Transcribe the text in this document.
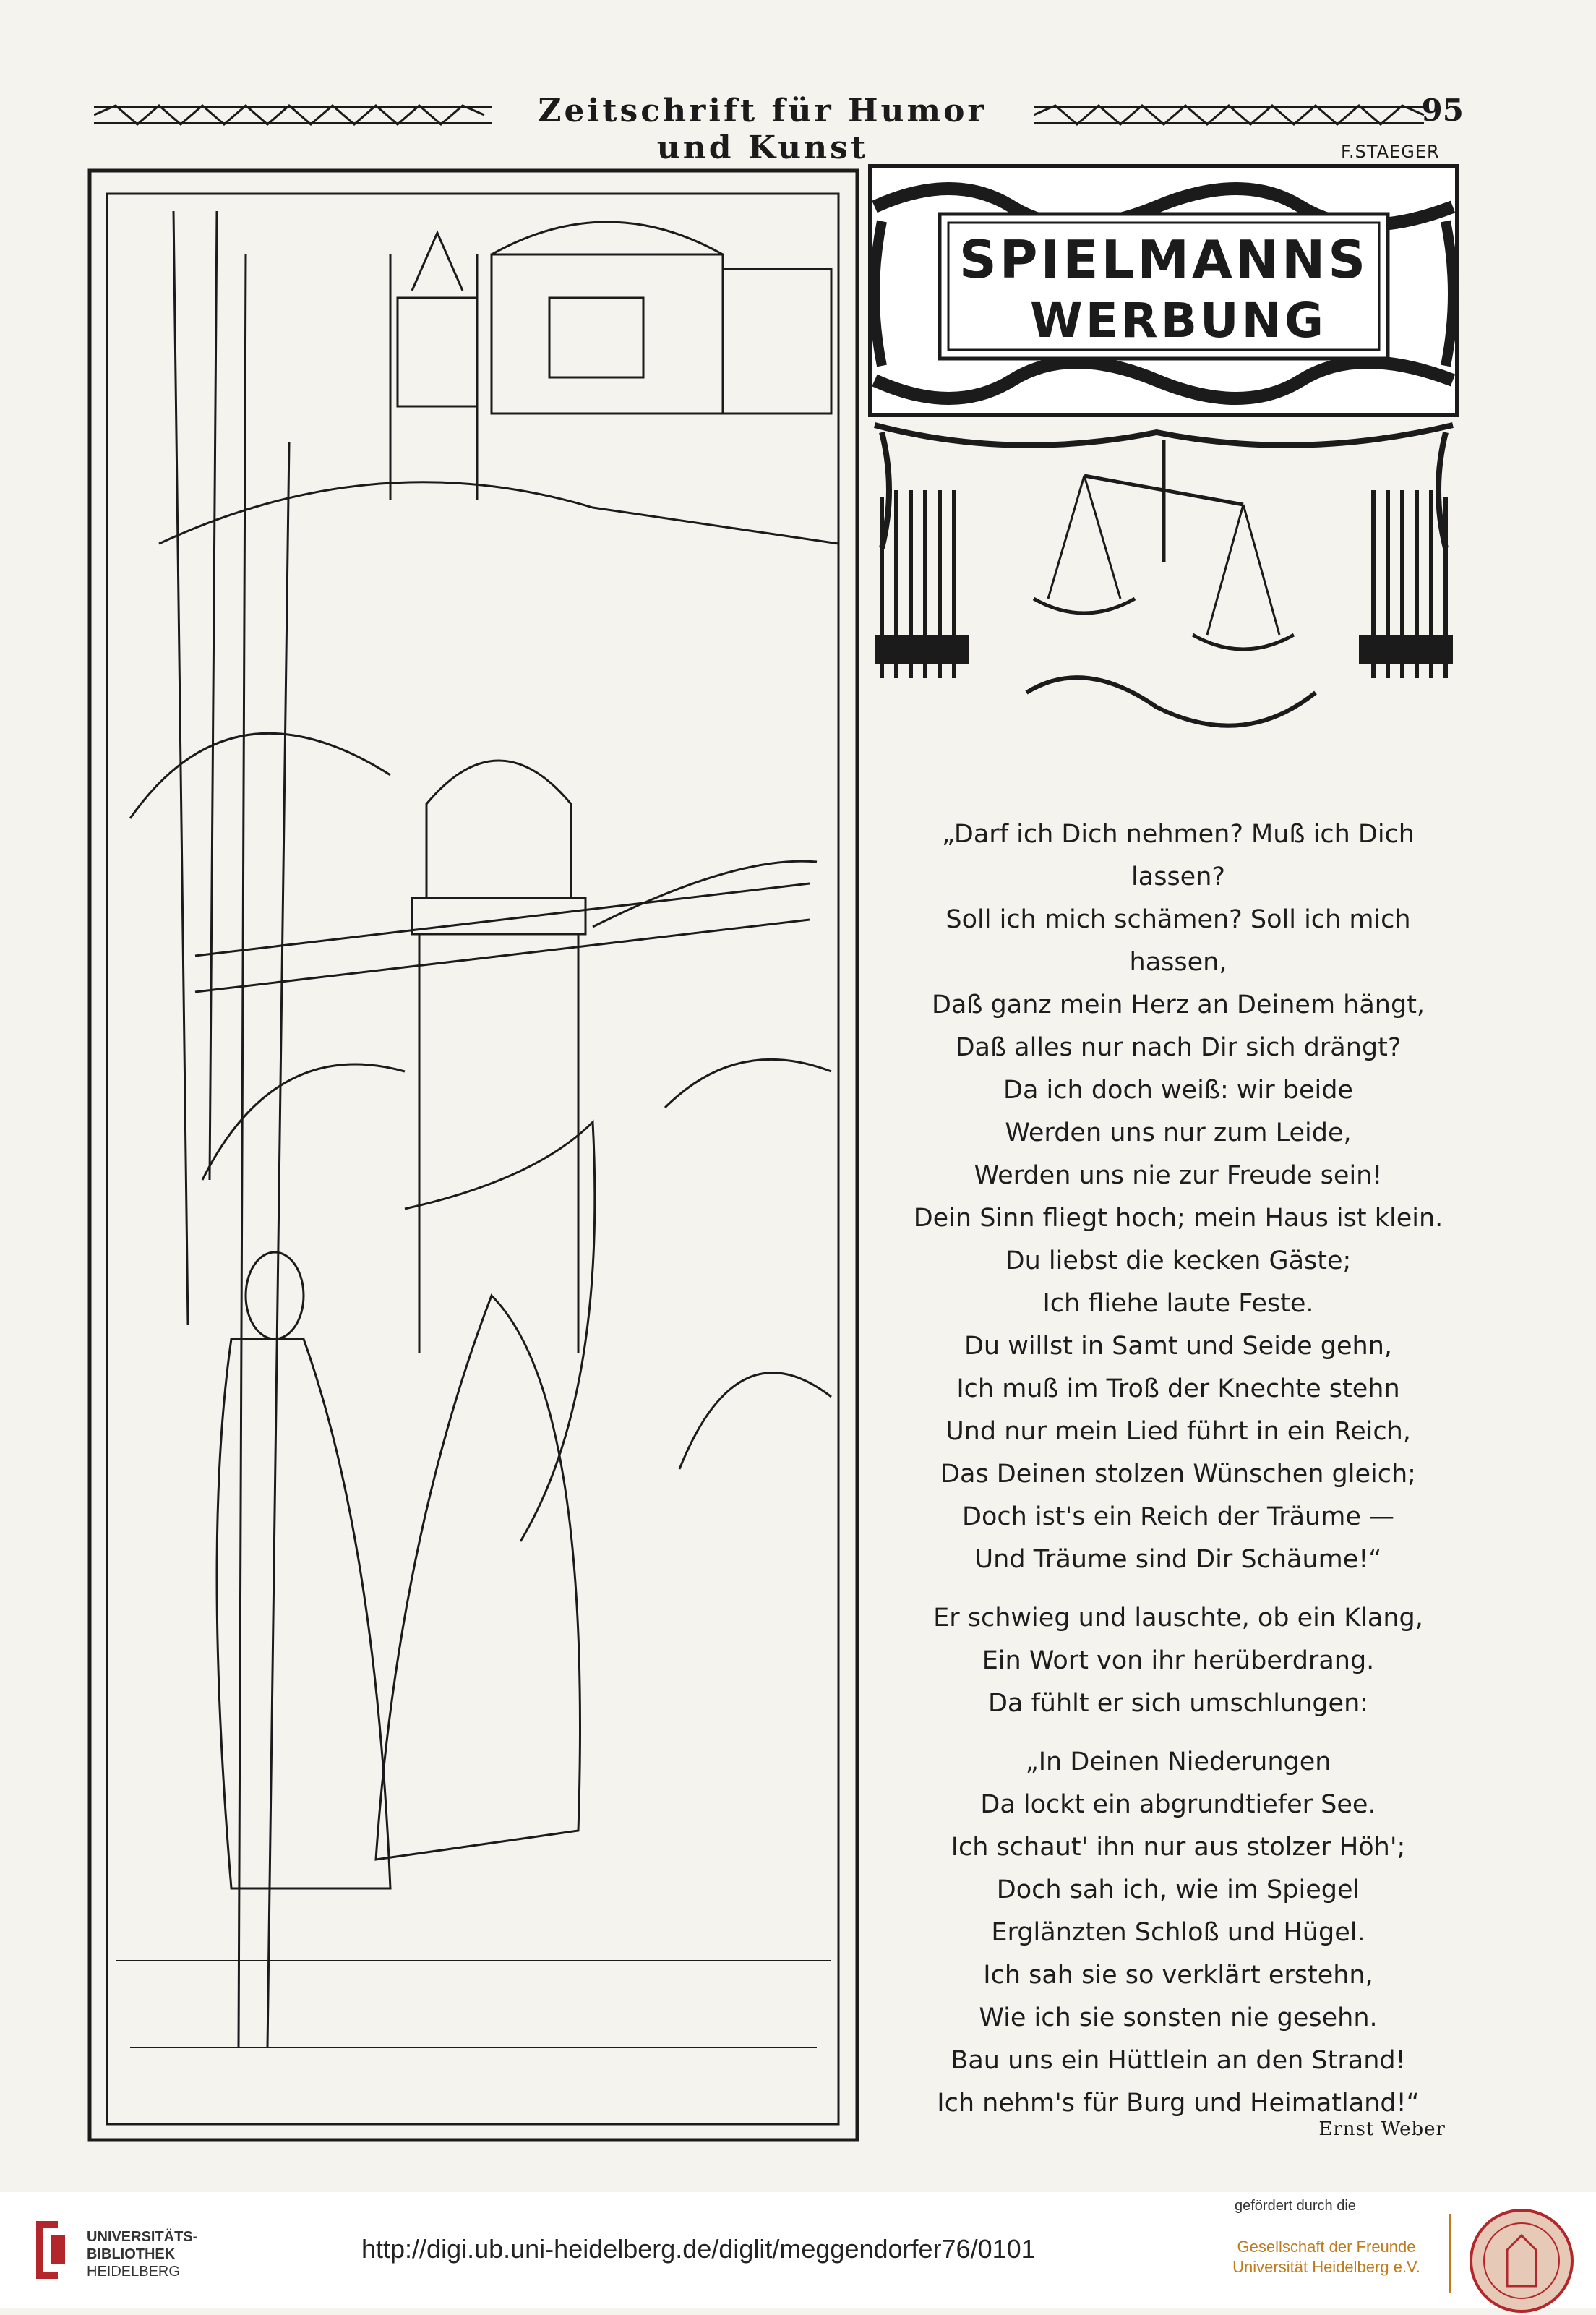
Zeitschrift für Humor und Kunst
95
F.STAEGER
SPIELMANNS
WERBUNG
„Darf ich Dich nehmen? Muß ich Dich
lassen?
Soll ich mich schämen? Soll ich mich
hassen,
Daß ganz mein Herz an Deinem hängt,
Daß alles nur nach Dir sich drängt?
Da ich doch weiß: wir beide
Werden uns nur zum Leide,
Werden uns nie zur Freude sein!
Dein Sinn fliegt hoch; mein Haus ist klein.
Du liebst die kecken Gäste;
Ich fliehe laute Feste.
Du willst in Samt und Seide gehn,
Ich muß im Troß der Knechte stehn
Und nur mein Lied führt in ein Reich,
Das Deinen stolzen Wünschen gleich;
Doch ist's ein Reich der Träume —
Und Träume sind Dir Schäume!“
Er schwieg und lauschte, ob ein Klang,
Ein Wort von ihr herüberdrang.
Da fühlt er sich umschlungen:
„In Deinen Niederungen
Da lockt ein abgrundtiefer See.
Ich schaut' ihn nur aus stolzer Höh';
Doch sah ich, wie im Spiegel
Erglänzten Schloß und Hügel.
Ich sah sie so verklärt erstehn,
Wie ich sie sonsten nie gesehn.
Bau uns ein Hüttlein an den Strand!
Ich nehm's für Burg und Heimatland!“
Ernst Weber
UNIVERSITÄTS-
BIBLIOTHEK
HEIDELBERG
http://digi.ub.uni-heidelberg.de/diglit/meggendorfer76/0101
gefördert durch die
Gesellschaft der Freunde
Universität Heidelberg e.V.
